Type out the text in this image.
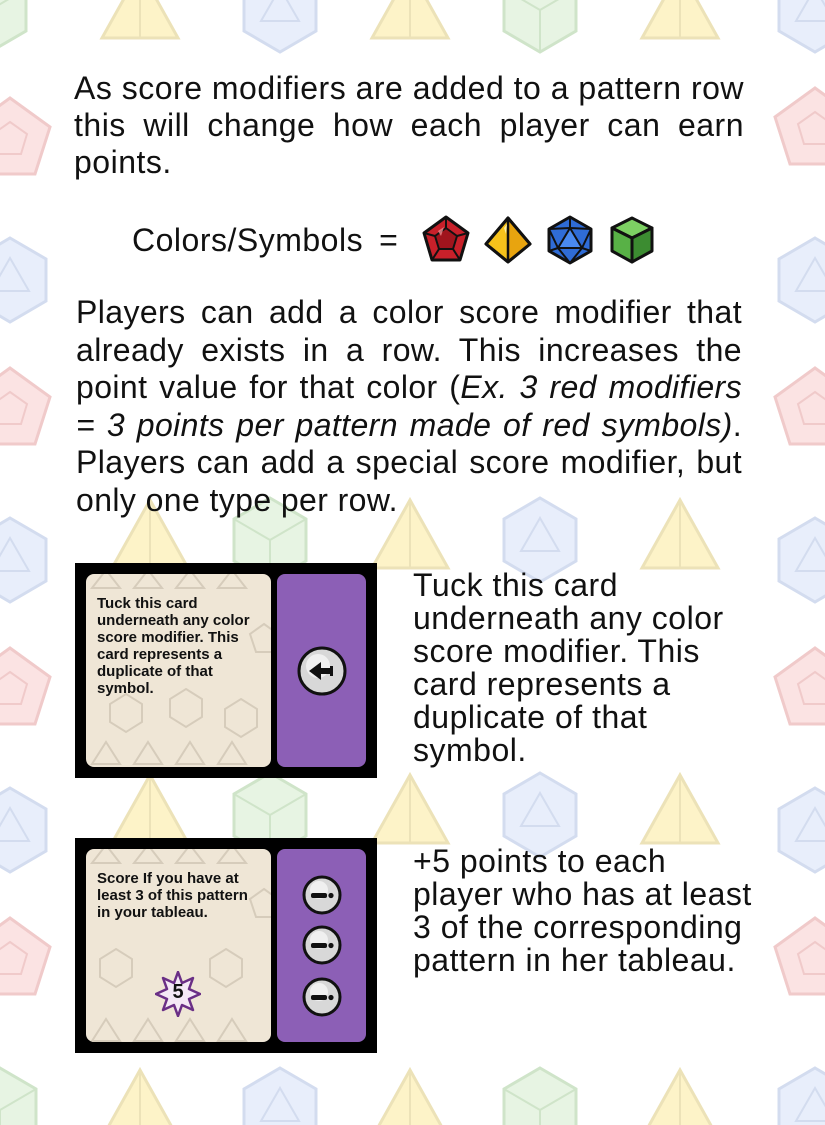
As score modifiers are added to a pattern row this will change how each player can earn points.

Colors/Symbols =

Players can add a color score modifier that already exists in a row. This increases the point value for that color (Ex. 3 red modifiers = 3 points per pattern made of red symbols). Players can add a special score modifier, but only one type per row.

Tuck this card underneath any color score modifier. This card represents a duplicate of that symbol.

Tuck this card underneath any color score modifier. This card represents a duplicate of that symbol.

Score If you have at least 3 of this pattern in your tableau.
5

+5 points to each player who has at least 3 of the corresponding pattern in her tableau.
